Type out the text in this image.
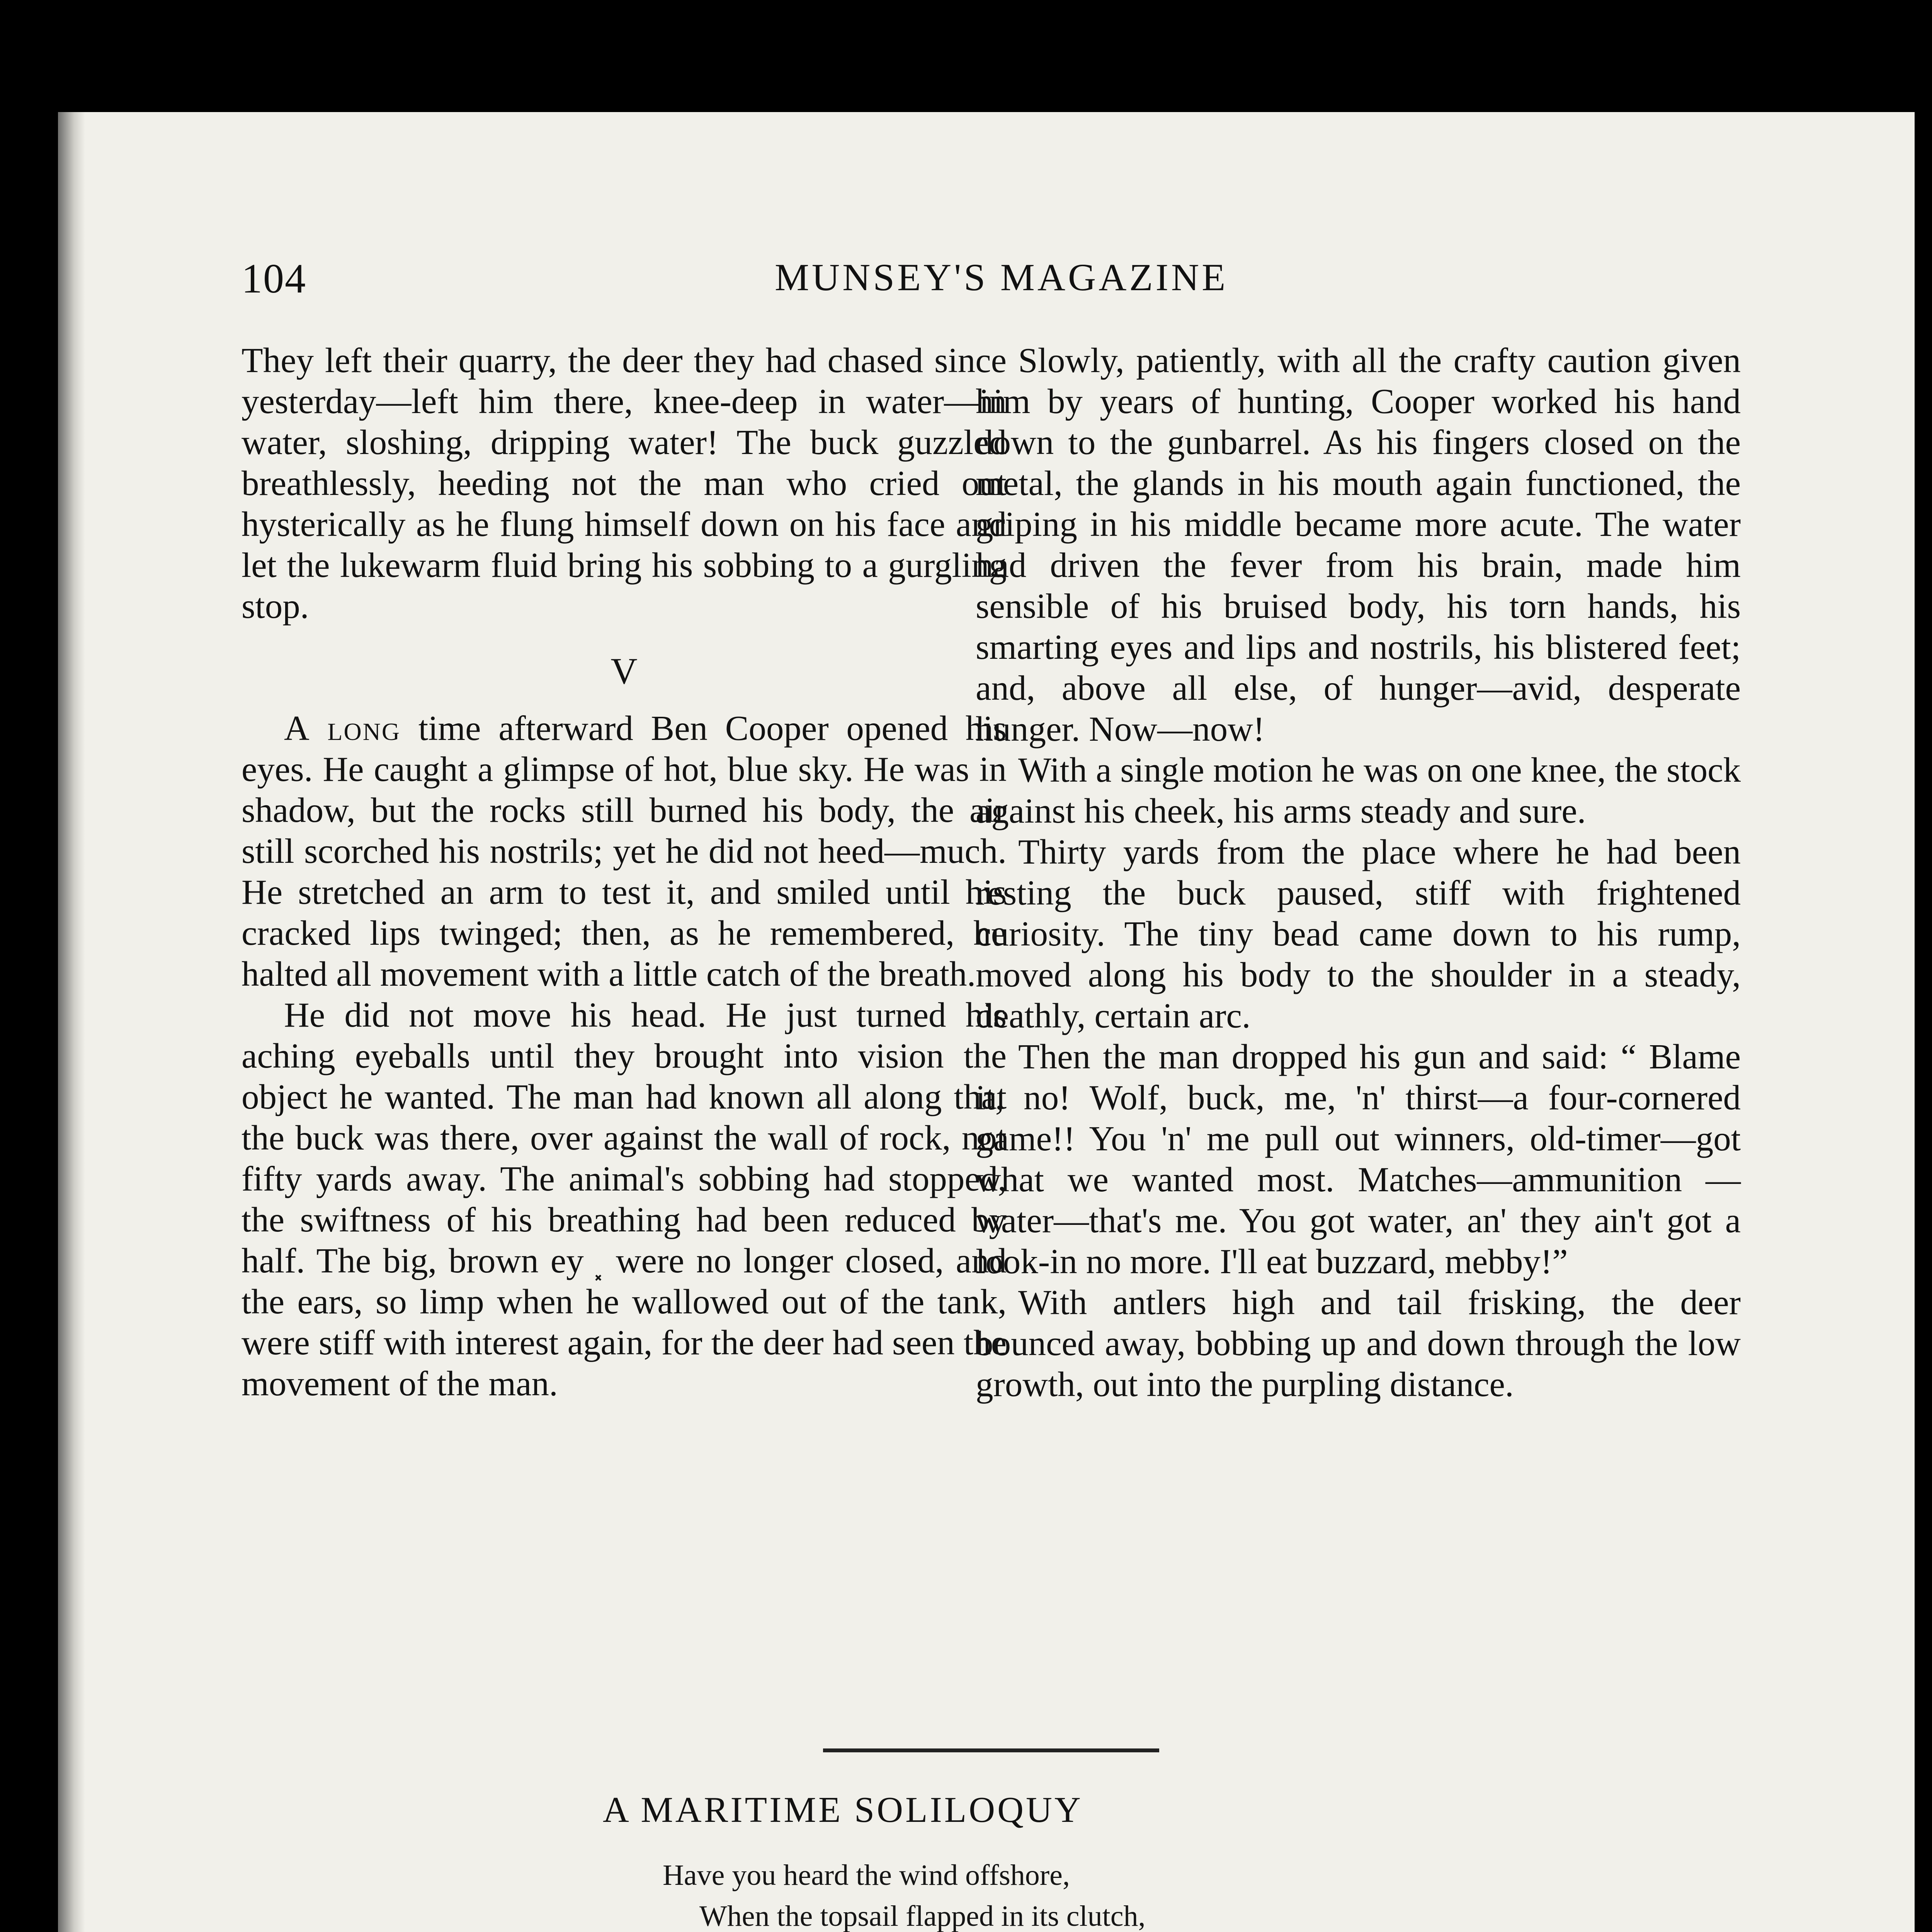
104	MUNSEY'S MAGAZINE

They left their quarry, the deer they had chased since yesterday—left him there, knee-deep in water—in water, sloshing, dripping water! The buck guzzled breathlessly, heeding not the man who cried out hysterically as he flung himself down on his face and let the lukewarm fluid bring his sobbing to a gurgling stop.

V

A long time afterward Ben Cooper opened his eyes. He caught a glimpse of hot, blue sky. He was in shadow, but the rocks still burned his body, the air still scorched his nostrils; yet he did not heed—much. He stretched an arm to test it, and smiled until his cracked lips twinged; then, as he remembered, he halted all movement with a little catch of the breath.

He did not move his head. He just turned his aching eyeballs until they brought into vision the object he wanted. The man had known all along that the buck was there, over against the wall of rock, not fifty yards away. The animal's sobbing had stopped, the swiftness of his breathing had been reduced by half. The big, brown ey ⸼ were no longer closed, and the ears, so limp when he wallowed out of the tank, were stiff with interest again, for the deer had seen the movement of the man.

Slowly, patiently, with all the crafty caution given him by years of hunting, Cooper worked his hand down to the gunbarrel. As his fingers closed on the metal, the glands in his mouth again functioned, the griping in his middle became more acute. The water had driven the fever from his brain, made him sensible of his bruised body, his torn hands, his smarting eyes and lips and nostrils, his blistered feet; and, above all else, of hunger—avid, desperate hunger. Now—now!

With a single motion he was on one knee, the stock against his cheek, his arms steady and sure.

Thirty yards from the place where he had been resting the buck paused, stiff with frightened curiosity. The tiny bead came down to his rump, moved along his body to the shoulder in a steady, deathly, certain arc.

Then the man dropped his gun and said: “ Blame it, no! Wolf, buck, me, 'n' thirst—a four-cornered game!! You 'n' me pull out winners, old-timer—got what we wanted most. Matches—ammunition —water—that's me. You got water, an' they ain't got a look-in no more. I'll eat buzzard, mebby!”

With antlers high and tail frisking, the deer bounced away, bobbing up and down through the low growth, out into the purpling distance.

A MARITIME SOLILOQUY
Have you heard the wind offshore,
When the topsail flapped in its clutch,
